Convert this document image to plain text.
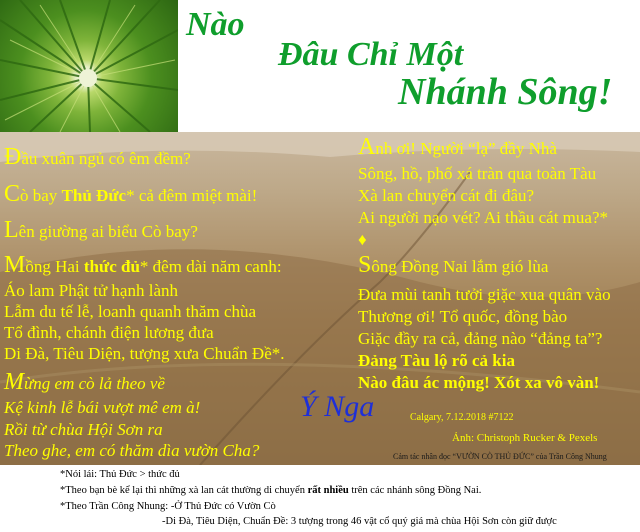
Nào
Đâu Chỉ Một
Nhánh Sông!
Đầu xuân ngủ có êm đềm?
Cò bay Thủ Đức* cả đêm miệt mài!
Lên giường ai biểu Cò bay?
Mồng Hai thức đủ* đêm dài năm canh:
Áo lam Phật tử hạnh lành
Lẫm du tế lễ, loanh quanh thăm chùa
Tổ đình, chánh điện lương đưa
Di Đà, Tiêu Diện, tượng xưa Chuẩn Đề*.
Mừng em cò lả theo về
Kệ kinh lễ bái vượt mê em à!
Rồi từ chùa Hội Sơn ra
Theo ghe, em có thăm dìa vườn Cha?
Anh ơi! Người “lạ” đầy Nhà
Sông, hồ, phố xá tràn qua toàn Tàu
Xà lan chuyển cát đi đâu?
Ai người nạo vét? Ai thầu cát mua?*
♦
Sông Đồng Nai lắm gió lùa
Đưa mùi tanh tưởi giặc xua quân vào
Thương ơi! Tổ quốc, đồng bào
Giặc đầy ra cả, đảng nào “đảng ta”?
Đảng Tàu lộ rõ cả kia
Nào đâu ác mộng! Xót xa vô vàn!
Ý Nga	Calgary, 7.12.2018 #7122
Ảnh: Christoph Rucker & Pexels
Cảm tác nhân đọc “VƯỜN CÒ THỦ ĐỨC” của Trần Công Nhung
*Nói lái: Thủ Đức > thức đủ
*Theo bạn bè kể lại thì những xà lan cát thường di chuyển rất nhiều trên các nhánh sông Đồng Nai.
*Theo Trần Công Nhung: -Ở Thủ Đức có Vườn Cò
-Di Đà, Tiêu Diện, Chuẩn Đề: 3 tượng trong 46 vật cổ quý giá mà chùa Hội Sơn còn giữ được
